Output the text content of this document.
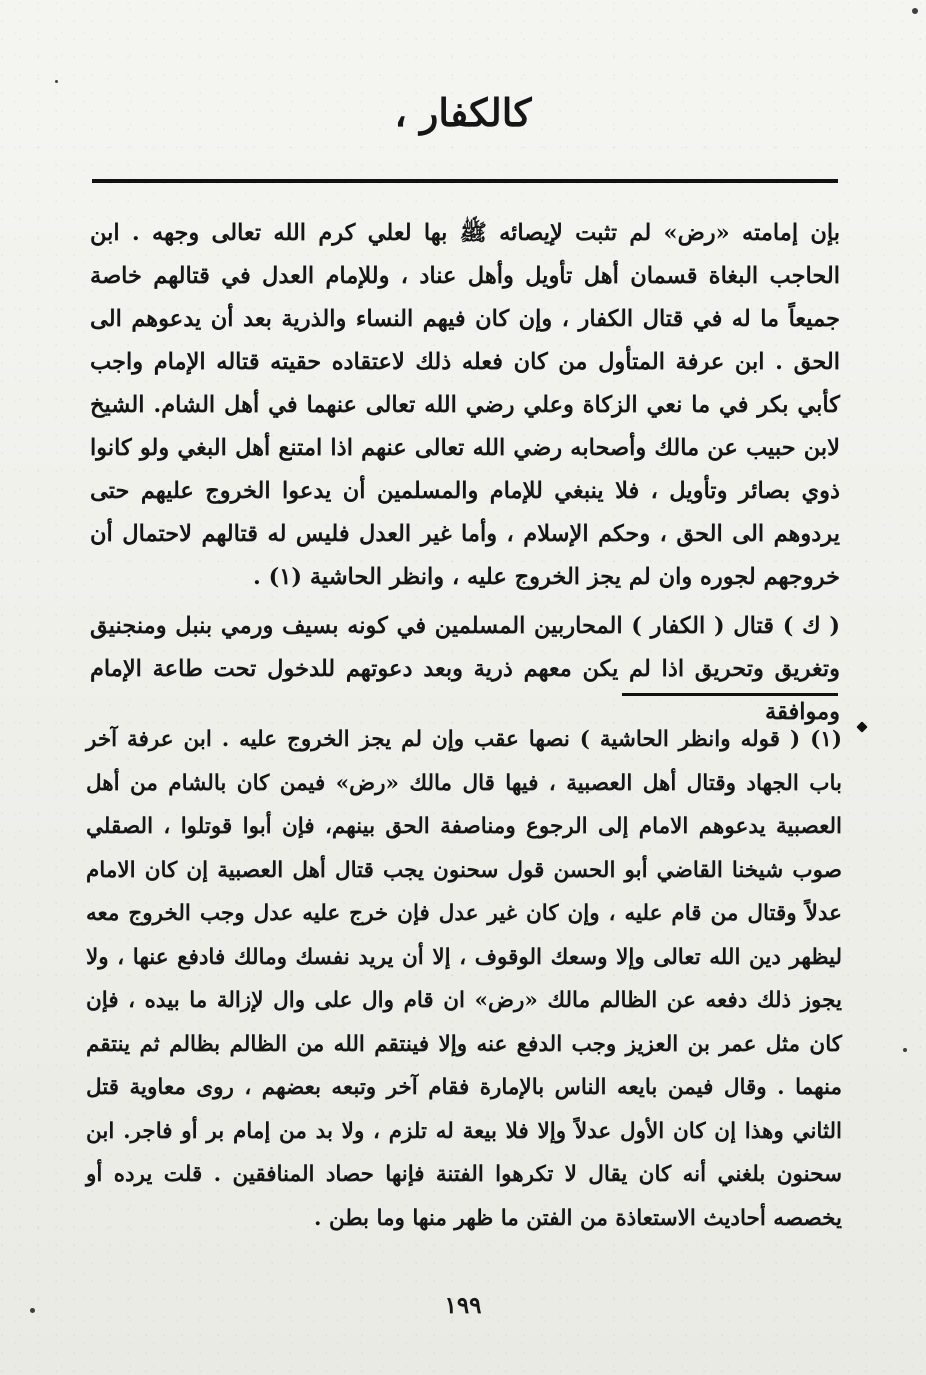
كالكفار ،

بإن إمامته «رض» لم تثبت لإيصائه ﷺ بها لعلي كرم الله تعالى وجهه . ابن الحاجب البغاة قسمان أهل تأويل وأهل عناد ، وللإمام العدل في قتالهم خاصة جميعاً ما له في قتال الكفار ، وإن كان فيهم النساء والذرية بعد أن يدعوهم الى الحق . ابن عرفة المتأول من كان فعله ذلك لاعتقاده حقيته قتاله الإمام واجب كأبي بكر في ما نعي الزكاة وعلي رضي الله تعالى عنهما في أهل الشام. الشيخ لابن حبيب عن مالك وأصحابه رضي الله تعالى عنهم اذا امتنع أهل البغي ولو كانوا ذوي بصائر وتأويل ، فلا ينبغي للإمام والمسلمين أن يدعوا الخروج عليهم حتى يردوهم الى الحق ، وحكم الإسلام ، وأما غير العدل فليس له قتالهم لاحتمال أن خروجهم لجوره وان لم يجز الخروج عليه ، وانظر الحاشية (١) .

( ك ) قتال ( الكفار ) المحاربين المسلمين في كونه بسيف ورمي بنبل ومنجنيق وتغريق وتحريق اذا لم يكن معهم ذرية وبعد دعوتهم للدخول تحت طاعة الإمام وموافقة

(١) ( قوله وانظر الحاشية ) نصها عقب وإن لم يجز الخروج عليه . ابن عرفة آخر باب الجهاد وقتال أهل العصبية ، فيها قال مالك «رض» فيمن كان بالشام من أهل العصبية يدعوهم الامام إلى الرجوع ومناصفة الحق بينهم، فإن أبوا قوتلوا ، الصقلي صوب شيخنا القاضي أبو الحسن قول سحنون يجب قتال أهل العصبية إن كان الامام عدلاً وقتال من قام عليه ، وإن كان غير عدل فإن خرج عليه عدل وجب الخروج معه ليظهر دين الله تعالى وإلا وسعك الوقوف ، إلا أن يريد نفسك ومالك فادفع عنها ، ولا يجوز ذلك دفعه عن الظالم مالك «رض» ان قام وال على وال لإزالة ما بيده ، فإن كان مثل عمر بن العزيز وجب الدفع عنه وإلا فينتقم الله من الظالم بظالم ثم ينتقم منهما . وقال فيمن بايعه الناس بالإمارة فقام آخر وتبعه بعضهم ، روى معاوية قتل الثاني وهذا إن كان الأول عدلاً وإلا فلا بيعة له تلزم ، ولا بد من إمام بر أو فاجر. ابن سحنون بلغني أنه كان يقال لا تكرهوا الفتنة فإنها حصاد المنافقين . قلت يرده أو يخصصه أحاديث الاستعاذة من الفتن ما ظهر منها وما بطن .
١٩٩
